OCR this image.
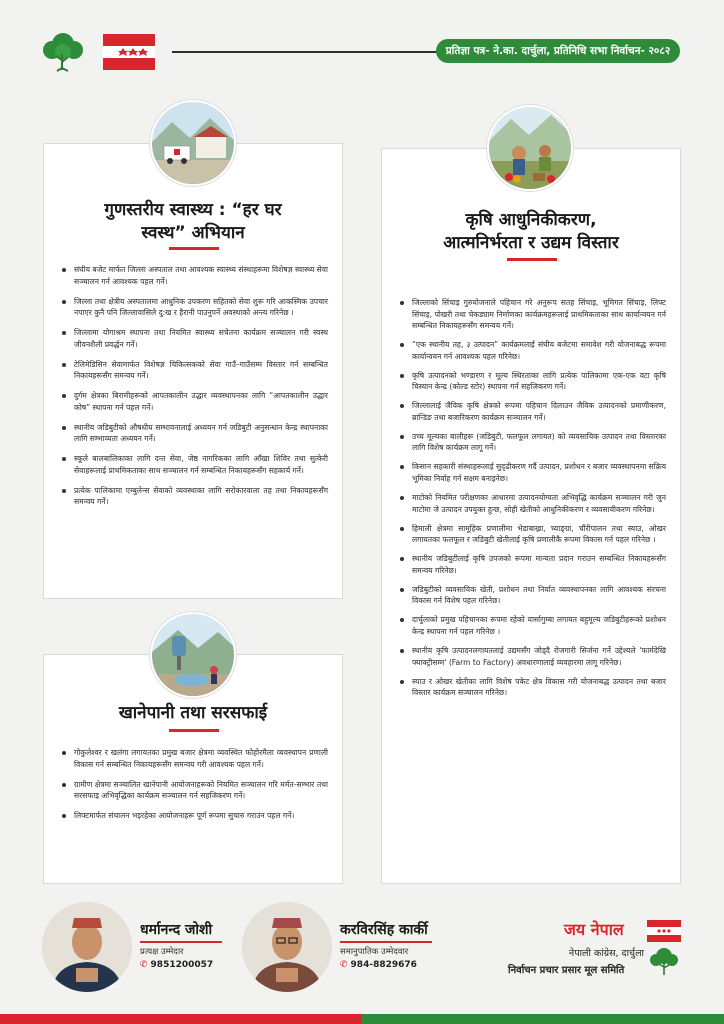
प्रतिज्ञा पत्र- ने.का. दार्चुला, प्रतिनिधि सभा निर्वाचन- २०८२
गुणस्तरीय स्वास्थ्य : “हर घर
स्वस्थ” अभियान
संघीय बजेट मार्फत जिल्ला अस्पताल तथा आवश्यक स्वास्थ्य संस्थाहरूमा विशेषज्ञ स्वास्थ्य सेवा सञ्चालन गर्न आवश्यक पहल गर्ने।
जिल्ला तथा क्षेत्रीय अस्पतालमा आधुनिक उपकरण सहितको सेवा शुरू गरि आकस्मिक उपचार नपाएर कुनै पनि जिल्लावासिले दु:ख र हैरानी पाउनुपर्ने अवस्थाको अन्त्य गरिनेछ ।
जिल्लामा योगाश्रम स्थापना तथा नियमित स्वास्थ्य सचेतना कार्यक्रम सञ्चालन गरी स्वस्थ जीवनशैली प्रवर्द्धन गर्ने।
टेलिमेडिसिन सेवामार्फत विशेषज्ञ चिकित्सकको सेवा गाउँ–गाउँसम्म विस्तार गर्न सम्बन्धित निकायहरूसँग समन्वय गर्ने।
दुर्गम क्षेत्रका बिरामीहरूको आपतकालीन उद्धार व्यवस्थापनका लागि “आपतकालीन उद्धार कोष” स्थापना गर्न पहल गर्ने।
स्थानीय जडिबुटीको औषधीय सम्भावनालाई अध्ययन गर्न जडिबुटी अनुसन्धान केन्द्र स्थापनाका लागि सम्भाव्यता अध्ययन गर्ने।
स्कूले बालबालिकाका लागि दन्त सेवा, जेष्ठ नागरिकका लागि आँखा शिविर तथा सुत्केरी सेवाहरूलाई प्राथमिकताका साथ सञ्चालन गर्न सम्बन्धित निकायहरूसँग सहकार्य गर्ने।
प्रत्येक पालिकामा एम्बुलेन्स सेवाको व्यवस्थाका लागि सरोकारवाला तह तथा निकायहरूसँग समन्वय गर्ने।
खानेपानी तथा सरसफाई
गोकुलेश्वर र खलंगा लगायतका प्रमुख बजार क्षेत्रमा व्यवस्थित फोहोरमैला व्यवस्थापन प्रणाली विकास गर्न सम्बन्धित निकायहरूसँग समन्वय गरी आवश्यक पहल गर्ने।
ग्रामीण क्षेत्रमा सञ्चालित खानेपानी आयोजनाहरूको नियमित सञ्चालन गरि मर्मत-सम्भार तथा सरसफाइ अभिवृद्धिका कार्यक्रम सञ्चालन गर्न सहजिकरण गर्ने।
लिफ्टमार्फत संचालन भइरहेका आयोजनाहरू पूर्ण रूपमा सुचारु गराउन पहल गर्ने।
कृषि आधुनिकीकरण,
आत्मनिर्भरता र उद्यम विस्तार
जिल्लाको सिंचाइ गुरुयोजनाले पहिचान गरे अनुरूप सतह सिंचाइ, भूमिगत सिंचाइ, लिफ्ट सिंचाइ, पोखरी तथा चेकड्याम निर्माणका कार्यक्रमहरूलाई प्राथमिकताका साथ कार्यान्वयन गर्न सम्बन्धित निकायहरूसँग समन्वय गर्ने।
“एक स्थानीय तह, ३ उत्पादन” कार्यक्रमलाई संघीय बजेटमा समावेश गरी योजनाबद्ध रूपमा कार्यान्वयन गर्न आवश्यक पहल गरिनेछ।
कृषि उत्पादनको भण्डारण र मूल्य स्थिरताका लागि प्रत्येक पालिकामा एक-एक वटा कृषि चिस्यान केन्द्र (कोल्ड स्टोर) स्थापना गर्न सहजिकरण गर्ने।
जिल्लालाई जैविक कृषि क्षेत्रको रूपमा पहिचान दिलाउन जैविक उत्पादनको प्रमाणीकरण, ब्रान्डिङ तथा बजारिकरण कार्यक्रम सञ्चालन गर्ने।
उच्च मूल्यका बालीहरू (जडिबुटी, फलफूल लगायत) को व्यवसायिक उत्पादन तथा विस्तारका लागि विशेष कार्यक्रम लागू गर्ने।
किसान सहकारी संस्थाहरूलाई सुदृढीकरण गर्दै उत्पादन, प्रशोधन र बजार व्यवस्थापनमा सक्रिय भूमिका निर्वाह गर्न सक्षम बनाइनेछ।
माटोको नियमित परीक्षणका आधारमा उत्पादनयोग्यता अभिवृद्धि कार्यक्रम सञ्चालन गरी जुन माटोमा जे उत्पादन उपयुक्त हुन्छ, सोही खेतीको आधुनिकीकरण र व्यवसायीकरण गरिनेछ।
हिमाली क्षेत्रमा सामूहिक प्रणालीमा भेडाबाख्रा, च्याङ्ग्रा, चौंरीपालन तथा स्याउ, ओखर लगायतका फलफूल र जडिबुटी खेतीलाई कृषि प्रणालीकै रूपमा विकास गर्न पहल गरिनेछ ।
स्थानीय जडिबुटीलाई कृषि उपजको रूपमा मान्यता प्रदान गराउन सम्बन्धित निकायहरूसँग समन्वय गरिनेछ।
जडिबुटीको व्यवसायिक खेती, प्रशोधन तथा निर्यात व्यवस्थापनका लागि आवश्यक संरचना विकास गर्न विशेष पहल गरिनेछ।
दार्चुलाको प्रमुख पहिचानका रूपमा रहेको यार्सागुम्बा लगायत बहुमूल्य जडिबुटीहरूको प्रशोधन केन्द्र स्थापना गर्न पहल गरिनेछ ।
स्थानीय कृषि उत्पादनलगायतलाई उद्यमसँग जोड्दै रोजगारी सिर्जना गर्ने उद्देश्यले 'फार्मदेखि फ्याक्ट्रीसम्म' (Farm to Factory) अवधारणालाई व्यवहारमा लागू गरिनेछ।
स्याउ र ओखर खेतीका लागि विशेष पकेट क्षेत्र विकास गरी योजनाबद्ध उत्पादन तथा बजार विस्तार कार्यक्रम सञ्चालन गरिनेछ।
धर्मानन्द जोशी
प्रत्यक्ष उम्मेदार
✆ 9851200057
करविरसिंह कार्की
समानुपातिक उम्मेदवार
✆ 984-8829676
जय नेपाल
नेपाली कांग्रेस, दार्चुला
निर्वाचन प्रचार प्रसार मूल समिति
